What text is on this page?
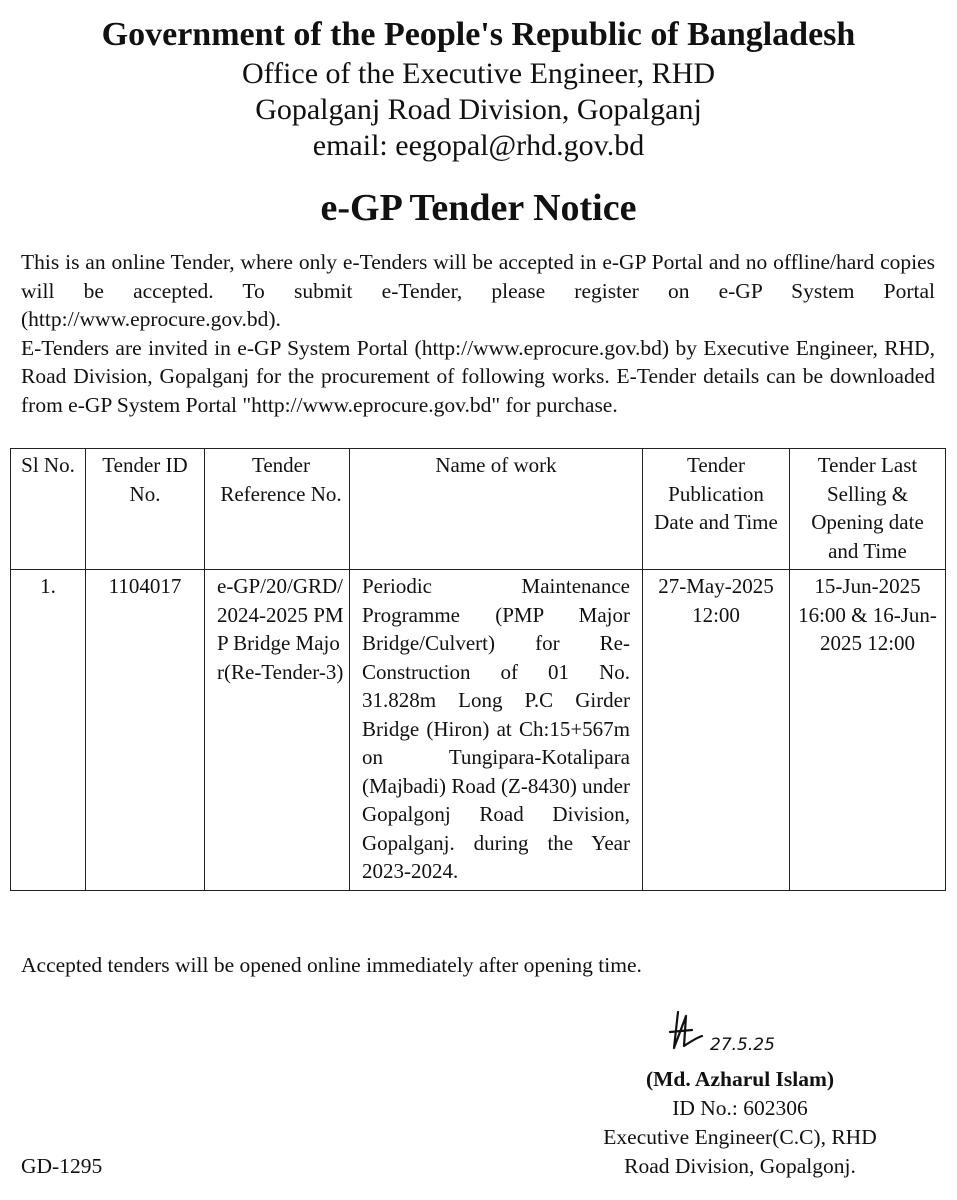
Government of the People's Republic of Bangladesh
Office of the Executive Engineer, RHD
Gopalganj Road Division, Gopalganj
email: eegopal@rhd.gov.bd
e-GP Tender Notice

This is an online Tender, where only e-Tenders will be accepted in e-GP Portal and no offline/hard copies will be accepted. To submit e-Tender, please register on e-GP System Portal (http://www.eprocure.gov.bd).

E-Tenders are invited in e-GP System Portal (http://www.eprocure.gov.bd) by Executive Engineer, RHD, Road Division, Gopalganj for the procurement of following works. E-Tender details can be downloaded from e-GP System Portal "http://www.eprocure.gov.bd" for purchase.

Sl No.	Tender ID No.	Tender Reference No.	Name of work	Tender Publication Date and Time	Tender Last Selling & Opening date and Time
1.	1104017	e-GP/20/GRD/2024-2025 PMP Bridge Major(Re-Tender-3)	Periodic Maintenance Programme (PMP Major Bridge/Culvert) for Re-Construction of 01 No. 31.828m Long P.C Girder Bridge (Hiron) at Ch:15+567m on Tungipara-Kotalipara (Majbadi) Road (Z-8430) under Gopalgonj Road Division, Gopalganj. during the Year 2023-2024.	27-May-2025 12:00	15-Jun-2025 16:00 & 16-Jun-2025 12:00
Accepted tenders will be opened online immediately after opening time.
27.5.25
(Md. Azharul Islam)
ID No.: 602306
Executive Engineer(C.C), RHD
Road Division, Gopalgonj.
GD-1295
